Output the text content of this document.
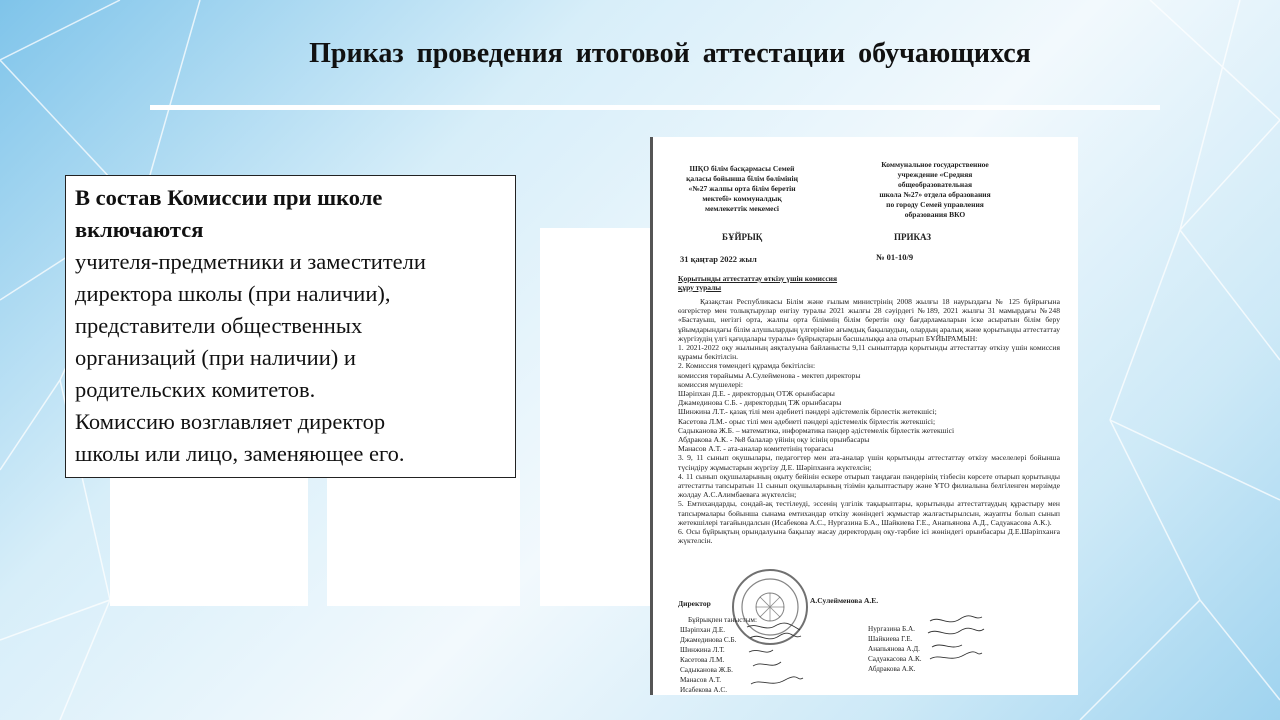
Приказ проведения итоговой аттестации обучающихся
В состав Комиссии при школе включаются
учителя-предметники и заместители
директора школы (при наличии),
представители общественных
организаций (при наличии) и
родительских комитетов.
Комиссию возглавляет директор
школы или лицо, заменяющее его.
ШҚО білім басқармасы Семей
қаласы бойынша білім бөлімінің
«№27 жалпы орта білім беретін
мектебі» коммуналдық
мемлекеттік мекемесі
Коммунальное государственное
учреждение «Средняя
общеобразовательная
школа №27» отдела образования
по городу Семей управления
образования ВКО
БҰЙРЫҚ	ПРИКАЗ
31 қаңтар 2022 жыл	№ 01-10/9
Қорытынды аттестаттау өткізу үшін комиссия құру туралы

Қазақстан Республикасы Білім және ғылым министрінің 2008 жылғы 18 наурыздағы № 125 бұйрығына өзгерістер мен толықтырулар енгізу туралы 2021 жылғы 28 сәуірдегі №189, 2021 жылғы 31 мамырдағы №248 «Бастауыш, негізгі орта, жалпы орта білімнің білім беретін оқу бағдарламаларын іске асыратын білім беру ұйымдарындағы білім алушылардың үлгеріміне ағымдық бақылаудың, олардың аралық және қорытынды аттестаттау жүргізудің үлгі қағидалары туралы» бұйрықтарын басшылыққа ала отырып БҰЙЫРАМЫН:

1. 2021-2022 оқу жылының аяқталуына байланысты 9,11 сыныптарда қорытынды аттестаттау өткізу үшін комиссия құрамы бекітілсін.

2. Комиссия төмендегі құрамда бекітілсін:

комиссия төрайымы А.Сулейменова - мектеп директоры

комиссия мүшелері:

Шәріпхан Д.Е. - директордың ОТЖ орынбасары

Джамединова С.Б. - директордың ТЖ орынбасары

Шинжина Л.Т.- қазақ тілі мен әдебиеті пәндері әдістемелік бірлестік жетекшісі;

Касетова Л.М.- орыс тілі мен әдебиеті пәндері әдістемелік бірлестік жетекшісі;

Садыканова Ж.Б. – математика, информатика пәндер әдістемелік бірлестік жетекшісі

Абдракова А.К. - №8 балалар үйінің оқу ісінің орынбасары

Манасов А.Т. - ата-аналар комитетінің төрағасы

3. 9, 11 сынып оқушылары, педагогтер мен ата-аналар үшін қорытынды аттестаттау өткізу мәселелері бойынша түсіндіру жұмыстарын жүргізу Д.Е. Шәріпханға жүктелсін;

4. 11 сынып оқушыларының оқыту бейінін ескере отырып таңдаған пәндерінің тізбесін көрсете отырып қорытынды аттестатты тапсыратын 11 сынып оқушыларының тізімін қалыптастыру және ҰТО филиалына белгіленген мерзімде жолдау А.С.Алимбаеваға жүктелсін;

5. Емтихандарды, сондай-ақ тестілеуді, эссенің үлгілік тақырыптары, қорытынды аттестаттаудың құрастыру мен тапсырмалары бойынша сынама емтихандар өткізу жөніндегі жұмыстар жалғастырылсын, жауапты болып сынып жетекшілері тағайындалсын (Исабекова А.С., Нургазина Б.А., Шайкиева Г.Е., Анапьянова А.Д., Садуакасова А.К.).

6. Осы бұйрықтың орындалуына бақылау жасау директордың оқу-тәрбие ісі жөніндегі орынбасары Д.Е.Шәріпханға жүктелсін.

Директор	А.Сулейменова А.Е.
Бұйрықпен таныстым:
Шәріпхан Д.Е.
Джамединова С.Б.
Шинжина Л.Т.
Касетова Л.М.
Садыканова Ж.Б.
Манасов А.Т.
Исабекова А.С.
Нургазина Б.А.
Шайкиева Г.Е.
Анапьянова А.Д.
Садуакасова А.К.
Абдракова А.К.
